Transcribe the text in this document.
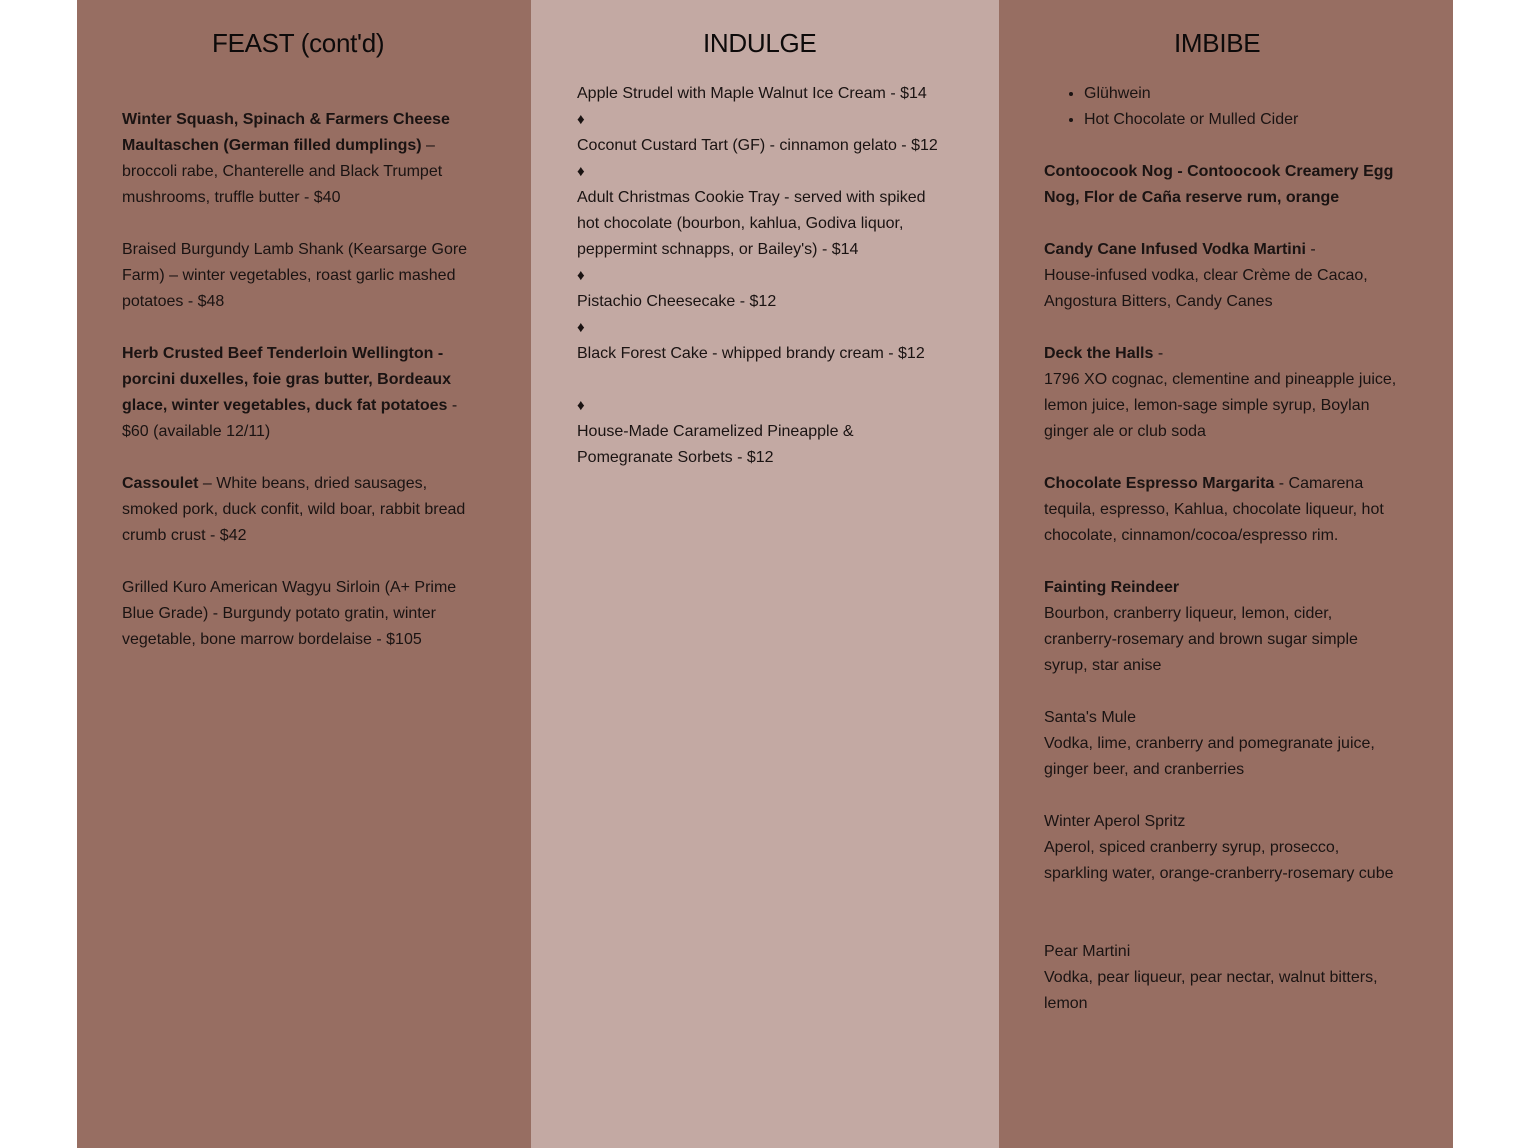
FEAST (cont'd)

Winter Squash, Spinach & Farmers Cheese Maultaschen (German filled dumplings) – broccoli rabe, Chanterelle and Black Trumpet mushrooms, truffle butter - $40

Braised Burgundy Lamb Shank (Kearsarge Gore Farm) – winter vegetables, roast garlic mashed potatoes - $48

Herb Crusted Beef Tenderloin Wellington - porcini duxelles, foie gras butter, Bordeaux glace, winter vegetables, duck fat potatoes - $60 (available 12/11)

Cassoulet – White beans, dried sausages, smoked pork, duck confit, wild boar, rabbit bread crumb crust - $42

Grilled Kuro American Wagyu Sirloin (A+ Prime Blue Grade) - Burgundy potato gratin, winter vegetable, bone marrow bordelaise - $105

INDULGE

Apple Strudel with Maple Walnut Ice Cream - $14

♦

Coconut Custard Tart (GF) - cinnamon gelato - $12

♦

Adult Christmas Cookie Tray - served with spiked hot chocolate (bourbon, kahlua, Godiva liquor, peppermint schnapps, or Bailey's) - $14

♦

Pistachio Cheesecake - $12

♦

Black Forest Cake - whipped brandy cream - $12

♦

House-Made Caramelized Pineapple & Pomegranate Sorbets - $12

IMBIBE
• Glühwein
• Hot Chocolate or Mulled Cider

Contoocook Nog - Contoocook Creamery Egg Nog, Flor de Caña reserve rum, orange

Candy Cane Infused Vodka Martini -

House-infused vodka, clear Crème de Cacao, Angostura Bitters, Candy Canes

Deck the Halls -

1796 XO cognac, clementine and pineapple juice, lemon juice, lemon-sage simple syrup, Boylan ginger ale or club soda

Chocolate Espresso Margarita - Camarena tequila, espresso, Kahlua, chocolate liqueur, hot chocolate, cinnamon/cocoa/espresso rim.

Fainting Reindeer

Bourbon, cranberry liqueur, lemon, cider, cranberry-rosemary and brown sugar simple syrup, star anise

Santa's Mule

Vodka, lime, cranberry and pomegranate juice, ginger beer, and cranberries

Winter Aperol Spritz

Aperol, spiced cranberry syrup, prosecco, sparkling water, orange-cranberry-rosemary cube

Pear Martini

Vodka, pear liqueur, pear nectar, walnut bitters, lemon
